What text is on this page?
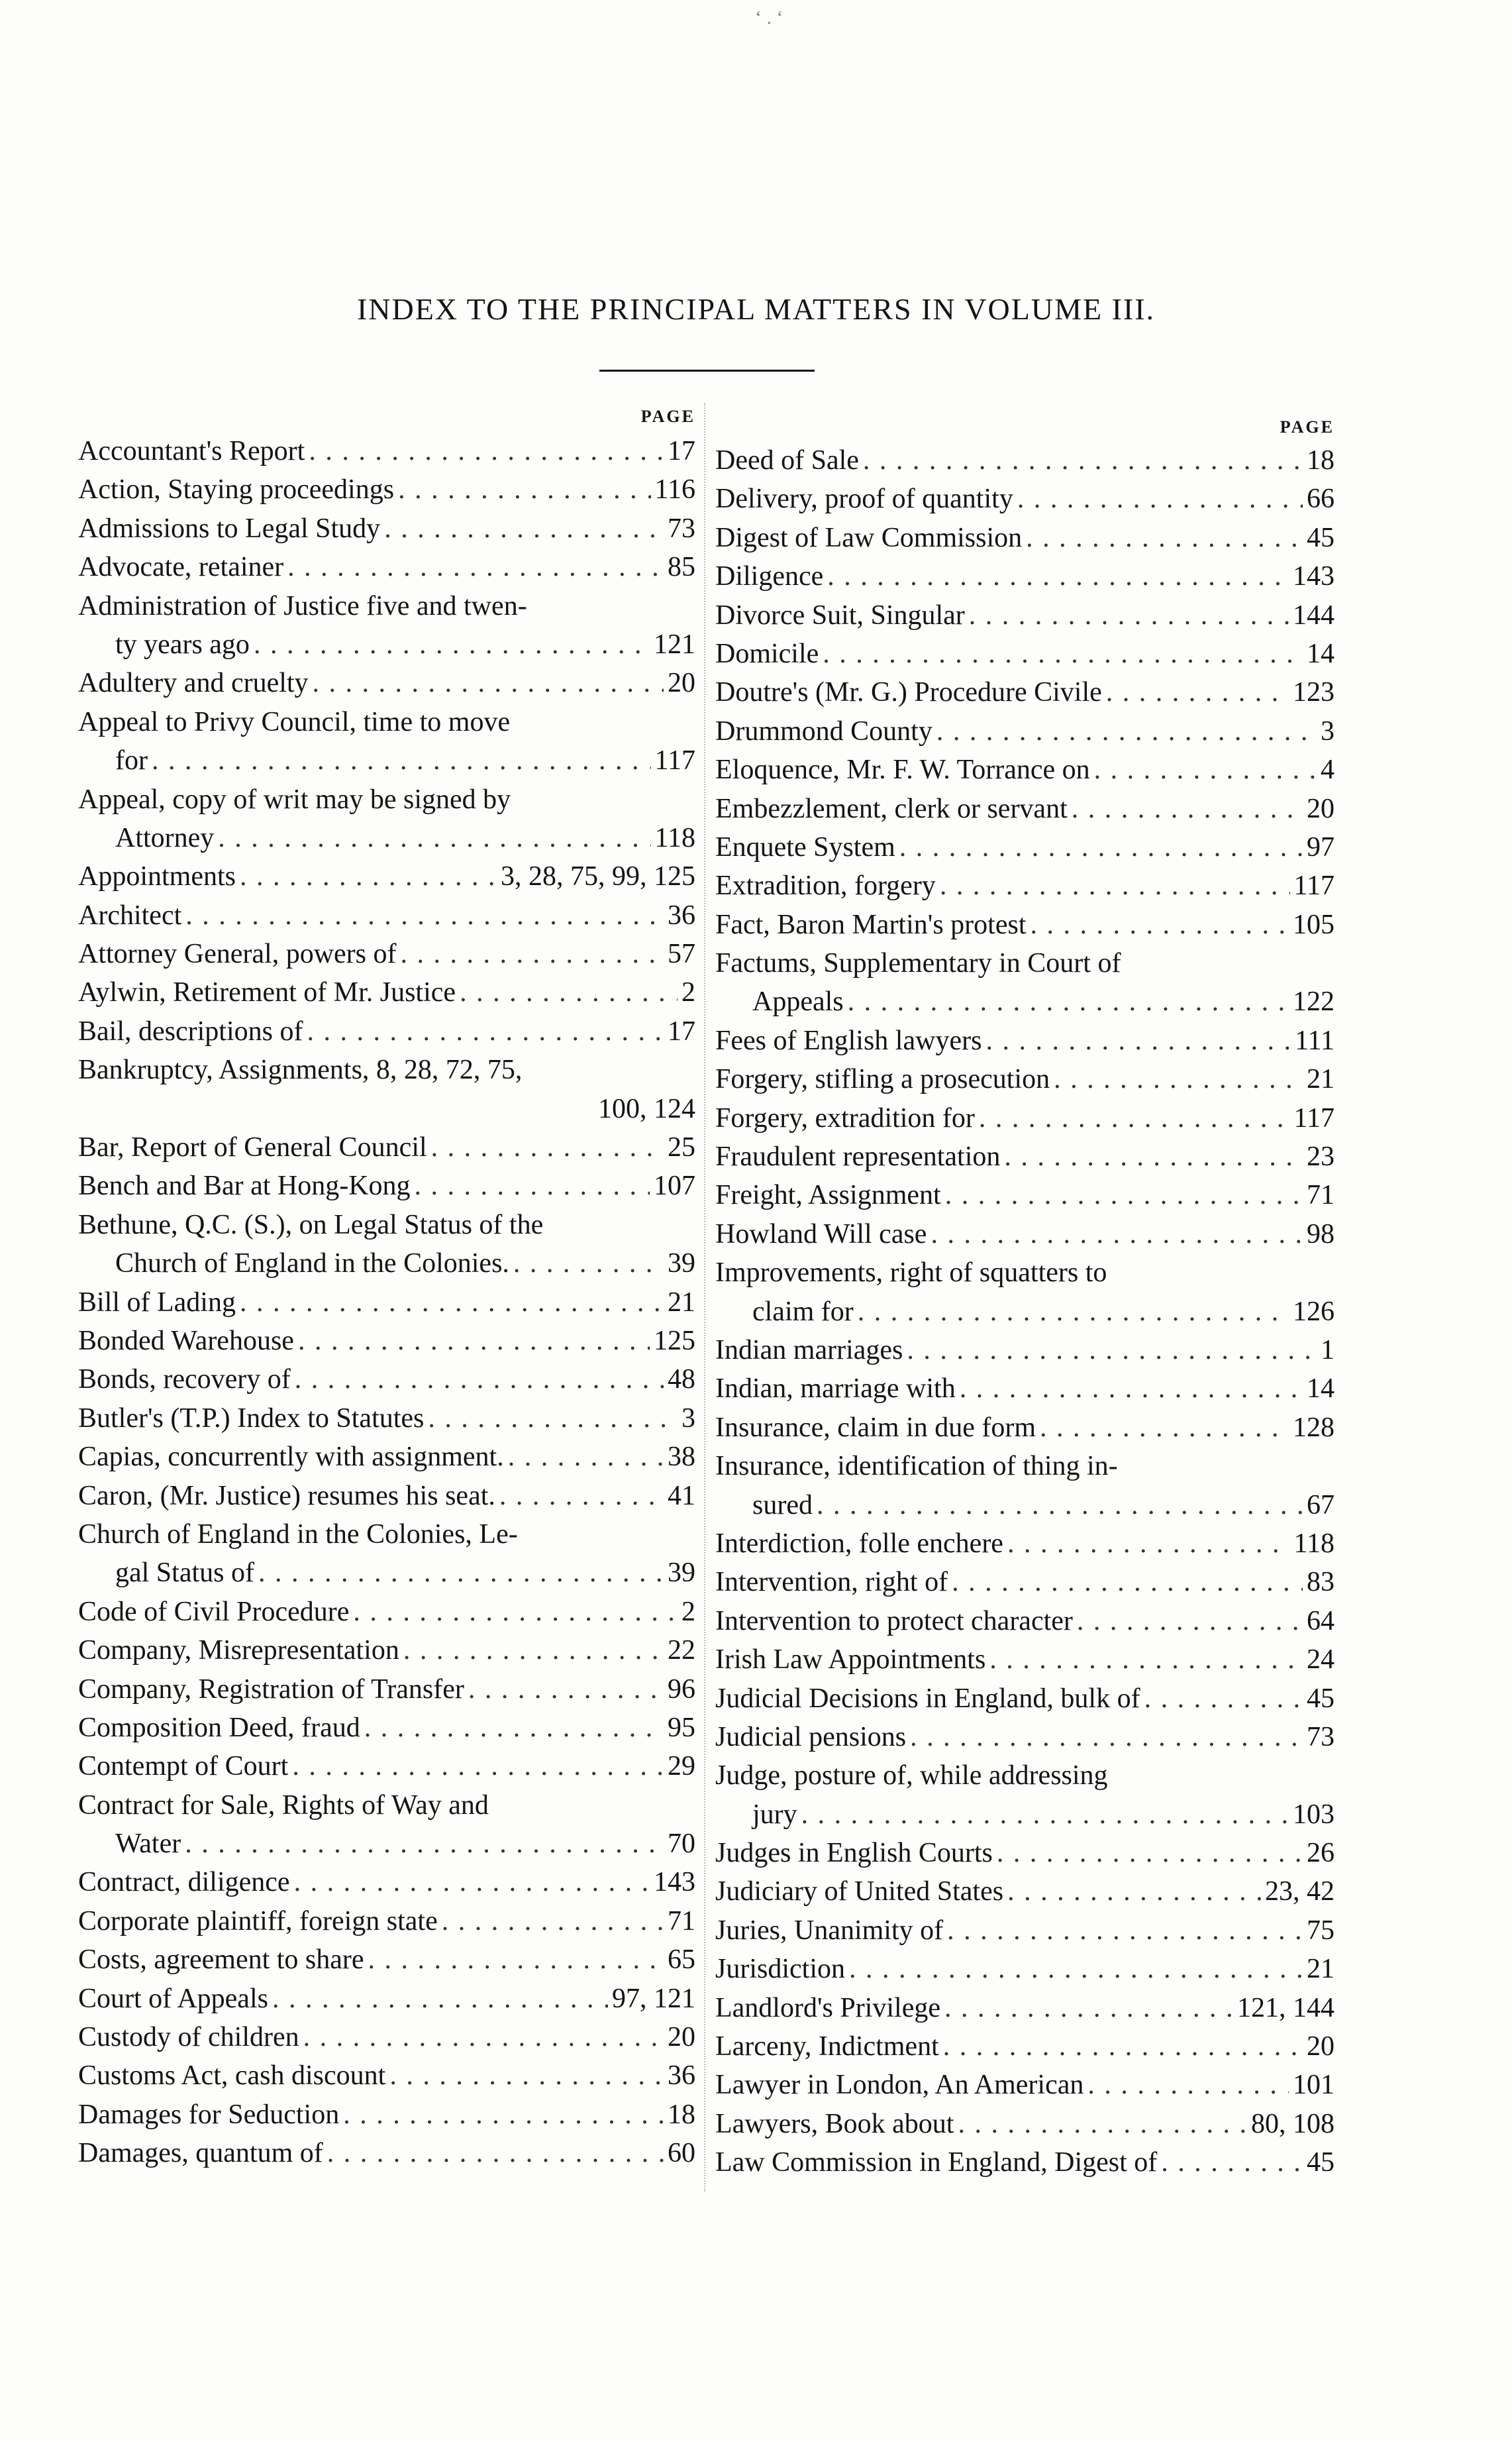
‘ . ‘
INDEX TO THE PRINCIPAL MATTERS IN VOLUME III.
PAGE
Accountant's Report . . .	17
Action, Staying proceedings . . .	116
Admissions to Legal Study . . .	73
Advocate, retainer . . .	85
Administration of Justice five and twen-
ty years ago . . .	121
Adultery and cruelty . . .	20
Appeal to Privy Council, time to move
for . . .	117
Appeal, copy of writ may be signed by
Attorney . . .	118
Appointments . . .	3, 28, 75, 99, 125
Architect . . .	36
Attorney General, powers of . . .	57
Aylwin, Retirement of Mr. Justice . . .	2
Bail, descriptions of . . .	17
Bankruptcy, Assignments, 8, 28, 72, 75,
100, 124
Bar, Report of General Council . . .	25
Bench and Bar at Hong-Kong . . .	107
Bethune, Q.C. (S.), on Legal Status of the
Church of England in the Colonies. . . .	39
Bill of Lading . . .	21
Bonded Warehouse . . .	125
Bonds, recovery of . . .	48
Butler's (T.P.) Index to Statutes . . .	3
Capias, concurrently with assignment. . . .	38
Caron, (Mr. Justice) resumes his seat. . . .	41
Church of England in the Colonies, Le-
gal Status of . . .	39
Code of Civil Procedure . . .	2
Company, Misrepresentation . . .	22
Company, Registration of Transfer . . .	96
Composition Deed, fraud . . .	95
Contempt of Court . . .	29
Contract for Sale, Rights of Way and
Water . . .	70
Contract, diligence . . .	143
Corporate plaintiff, foreign state . . .	71
Costs, agreement to share . . .	65
Court of Appeals . . .	97, 121
Custody of children . . .	20
Customs Act, cash discount . . .	36
Damages for Seduction . . .	18
Damages, quantum of . . .	60
PAGE
Deed of Sale . . .	18
Delivery, proof of quantity . . .	66
Digest of Law Commission . . .	45
Diligence . . .	143
Divorce Suit, Singular . . .	144
Domicile . . .	14
Doutre's (Mr. G.) Procedure Civile . . .	123
Drummond County . . .	3
Eloquence, Mr. F. W. Torrance on . . .	4
Embezzlement, clerk or servant . . .	20
Enquete System . . .	97
Extradition, forgery . . .	117
Fact, Baron Martin's protest . . .	105
Factums, Supplementary in Court of
Appeals . . .	122
Fees of English lawyers . . .	111
Forgery, stifling a prosecution . . .	21
Forgery, extradition for . . .	117
Fraudulent representation . . .	23
Freight, Assignment . . .	71
Howland Will case . . .	98
Improvements, right of squatters to
claim for . . .	126
Indian marriages . . .	1
Indian, marriage with . . .	14
Insurance, claim in due form . . .	128
Insurance, identification of thing in-
sured . . .	67
Interdiction, folle enchere . . .	118
Intervention, right of . . .	83
Intervention to protect character . . .	64
Irish Law Appointments . . .	24
Judicial Decisions in England, bulk of . . .	45
Judicial pensions . . .	73
Judge, posture of, while addressing
jury . . .	103
Judges in English Courts . . .	26
Judiciary of United States . . .	23, 42
Juries, Unanimity of . . .	75
Jurisdiction . . .	21
Landlord's Privilege . . .	121, 144
Larceny, Indictment . . .	20
Lawyer in London, An American . . .	101
Lawyers, Book about . . .	80, 108
Law Commission in England, Digest of . . .	45
